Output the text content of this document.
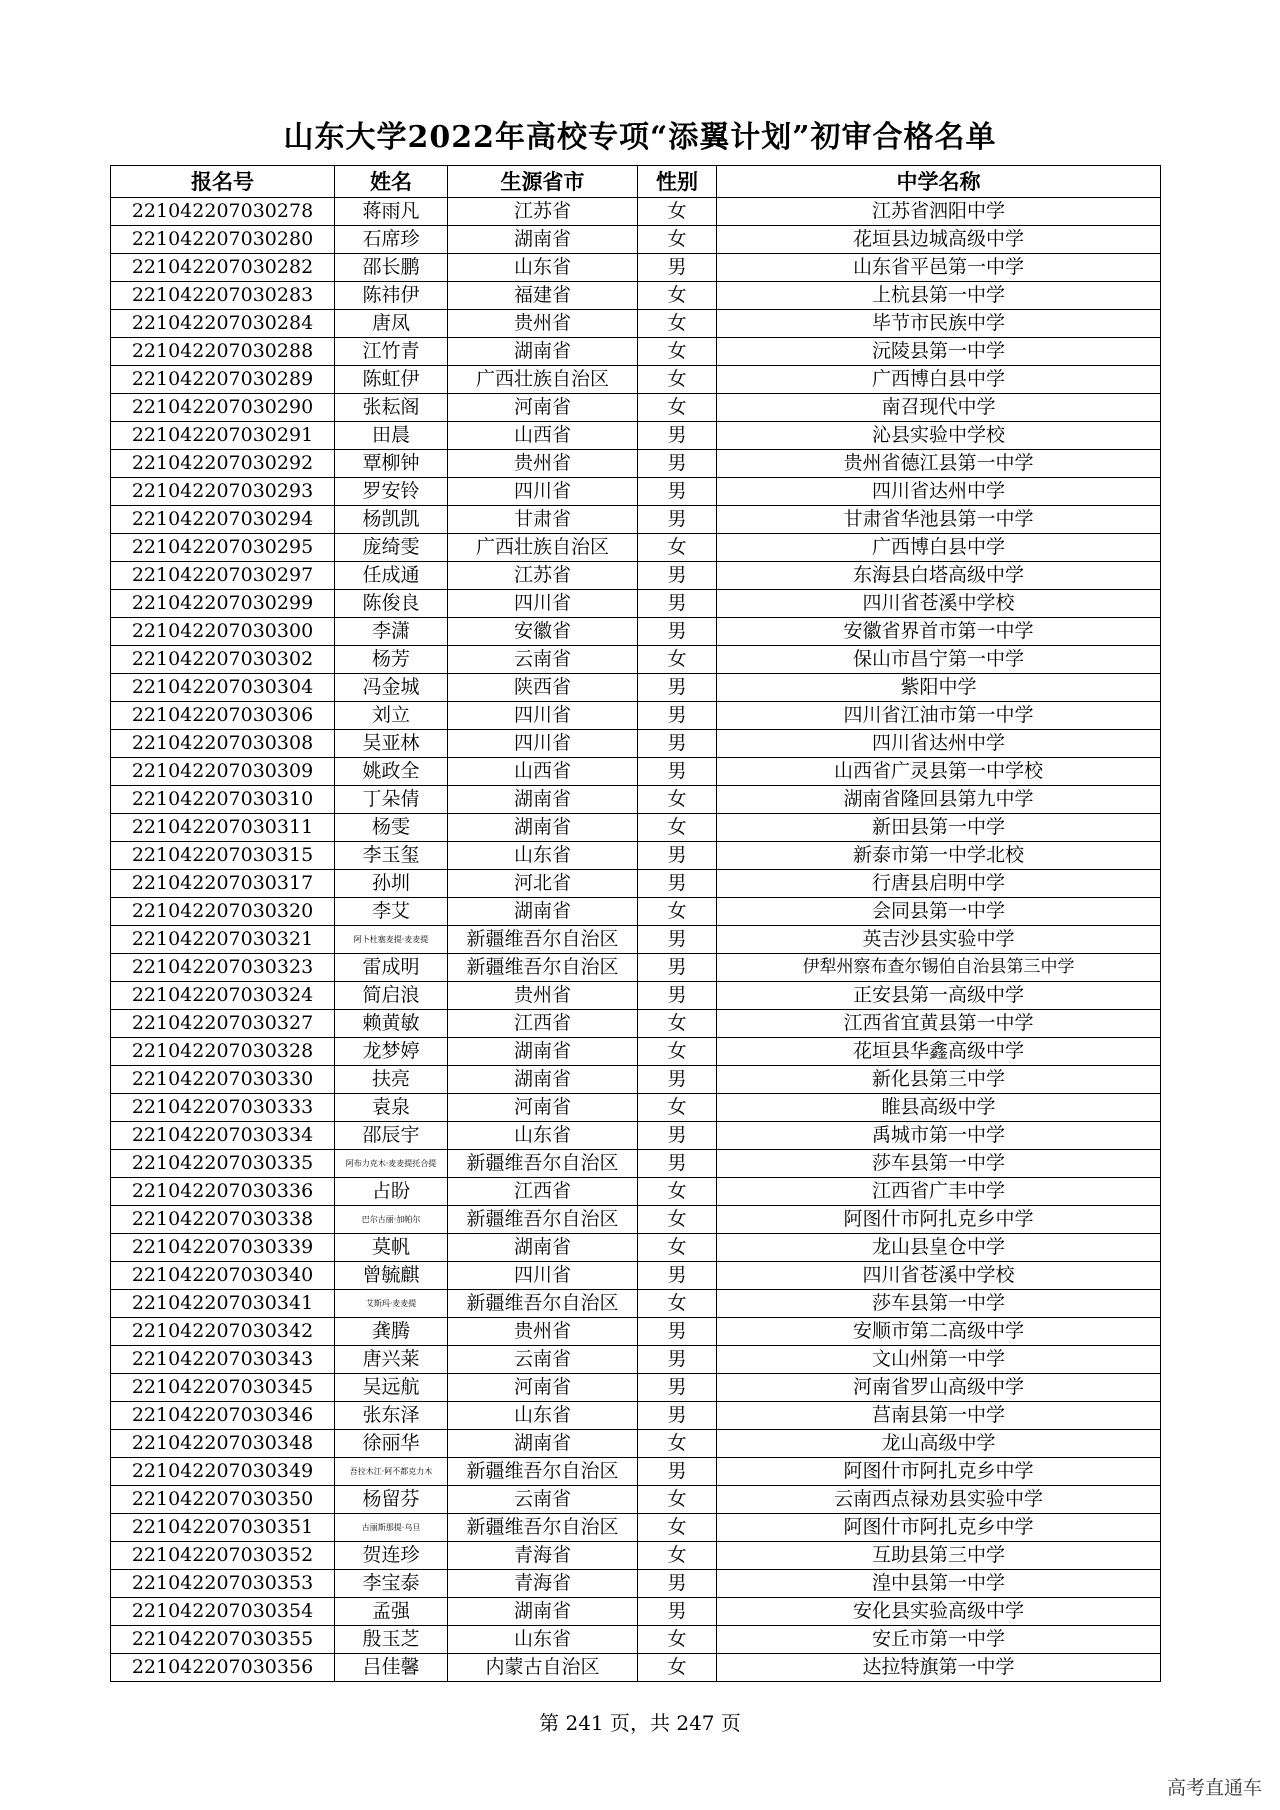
山东大学2022年高校专项“添翼计划”初审合格名单
报名号	姓名	生源省市	性别	中学名称
221042207030278	蒋雨凡	江苏省	女	江苏省泗阳中学
221042207030280	石席珍	湖南省	女	花垣县边城高级中学
221042207030282	邵长鹏	山东省	男	山东省平邑第一中学
221042207030283	陈祎伊	福建省	女	上杭县第一中学
221042207030284	唐凤	贵州省	女	毕节市民族中学
221042207030288	江竹青	湖南省	女	沅陵县第一中学
221042207030289	陈虹伊	广西壮族自治区	女	广西博白县中学
221042207030290	张耘阁	河南省	女	南召现代中学
221042207030291	田晨	山西省	男	沁县实验中学校
221042207030292	覃柳钟	贵州省	男	贵州省德江县第一中学
221042207030293	罗安铃	四川省	男	四川省达州中学
221042207030294	杨凯凯	甘肃省	男	甘肃省华池县第一中学
221042207030295	庞绮雯	广西壮族自治区	女	广西博白县中学
221042207030297	任成通	江苏省	男	东海县白塔高级中学
221042207030299	陈俊良	四川省	男	四川省苍溪中学校
221042207030300	李潇	安徽省	男	安徽省界首市第一中学
221042207030302	杨芳	云南省	女	保山市昌宁第一中学
221042207030304	冯金城	陕西省	男	紫阳中学
221042207030306	刘立	四川省	男	四川省江油市第一中学
221042207030308	吴亚林	四川省	男	四川省达州中学
221042207030309	姚政全	山西省	男	山西省广灵县第一中学校
221042207030310	丁朵倩	湖南省	女	湖南省隆回县第九中学
221042207030311	杨雯	湖南省	女	新田县第一中学
221042207030315	李玉玺	山东省	男	新泰市第一中学北校
221042207030317	孙圳	河北省	男	行唐县启明中学
221042207030320	李艾	湖南省	女	会同县第一中学
221042207030321	阿卜杜塞麦提·麦麦提	新疆维吾尔自治区	男	英吉沙县实验中学
221042207030323	雷成明	新疆维吾尔自治区	男	伊犁州察布查尔锡伯自治县第三中学
221042207030324	简启浪	贵州省	男	正安县第一高级中学
221042207030327	赖黄敏	江西省	女	江西省宜黄县第一中学
221042207030328	龙梦婷	湖南省	女	花垣县华鑫高级中学
221042207030330	扶亮	湖南省	男	新化县第三中学
221042207030333	袁泉	河南省	女	睢县高级中学
221042207030334	邵辰宇	山东省	男	禹城市第一中学
221042207030335	阿布力克木·麦麦提托合提	新疆维吾尔自治区	男	莎车县第一中学
221042207030336	占盼	江西省	女	江西省广丰中学
221042207030338	巴尔古丽·加帕尔	新疆维吾尔自治区	女	阿图什市阿扎克乡中学
221042207030339	莫帆	湖南省	女	龙山县皇仓中学
221042207030340	曾毓麒	四川省	男	四川省苍溪中学校
221042207030341	艾斯玛·麦麦提	新疆维吾尔自治区	女	莎车县第一中学
221042207030342	龚腾	贵州省	男	安顺市第二高级中学
221042207030343	唐兴莱	云南省	男	文山州第一中学
221042207030345	吴远航	河南省	男	河南省罗山高级中学
221042207030346	张东泽	山东省	男	莒南县第一中学
221042207030348	徐丽华	湖南省	女	龙山高级中学
221042207030349	吾拉木江·阿不都克力木	新疆维吾尔自治区	男	阿图什市阿扎克乡中学
221042207030350	杨留芬	云南省	女	云南西点禄劝县实验中学
221042207030351	古丽斯那提·乌旦	新疆维吾尔自治区	女	阿图什市阿扎克乡中学
221042207030352	贺连珍	青海省	女	互助县第三中学
221042207030353	李宝泰	青海省	男	湟中县第一中学
221042207030354	孟强	湖南省	男	安化县实验高级中学
221042207030355	殷玉芝	山东省	女	安丘市第一中学
221042207030356	吕佳馨	内蒙古自治区	女	达拉特旗第一中学
第 241 页，共 247 页
高考直通车
